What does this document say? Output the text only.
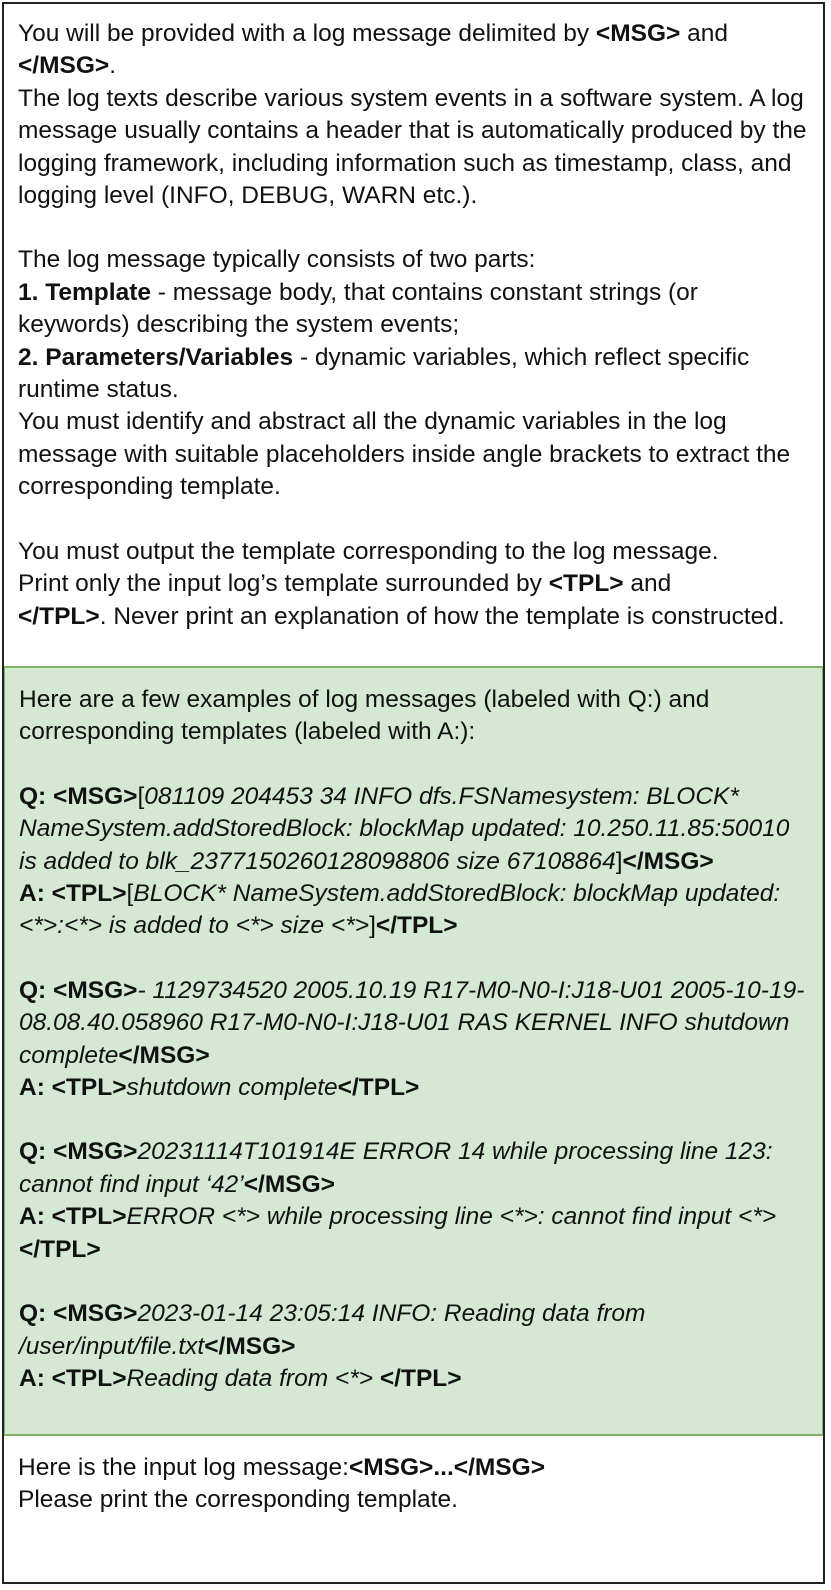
You will be provided with a log message delimited by <MSG> and
</MSG>.

The log texts describe various system events in a software system. A log message usually contains a header that is automatically produced by the logging framework, including information such as timestamp, class, and logging level (INFO, DEBUG, WARN etc.).

The log message typically consists of two parts:

1. Template - message body, that contains constant strings (or keywords) describing the system events;

2. Parameters/Variables - dynamic variables, which reflect specific runtime status.

You must identify and abstract all the dynamic variables in the log message with suitable placeholders inside angle brackets to extract the corresponding template.

You must output the template corresponding to the log message.

Print only the input log’s template surrounded by <TPL> and
</TPL>. Never print an explanation of how the template is constructed.

Here are a few examples of log messages (labeled with Q:) and corresponding templates (labeled with A:):

Q: <MSG>[081109 204453 34 INFO dfs.FSNamesystem: BLOCK* NameSystem.addStoredBlock: blockMap updated: 10.250.11.85:50010 is added to blk_2377150260128098806 size 67108864]</MSG>

A: <TPL>[BLOCK* NameSystem.addStoredBlock: blockMap updated: <*>:<*> is added to <*> size <*>]</TPL>

Q: <MSG>- 1129734520 2005.10.19 R17-M0-N0-I:J18-U01 2005-10-19-08.08.40.058960 R17-M0-N0-I:J18-U01 RAS KERNEL INFO shutdown complete</MSG>

A: <TPL>shutdown complete</TPL>

Q: <MSG>20231114T101914E ERROR 14 while processing line 123: cannot find input ‘42’</MSG>

A: <TPL>ERROR <*> while processing line <*>: cannot find input <*></TPL>

Q: <MSG>2023-01-14 23:05:14 INFO: Reading data from /user/input/file.txt</MSG>

A: <TPL>Reading data from <*> </TPL>

Here is the input log message:<MSG>...</MSG>

Please print the corresponding template.
